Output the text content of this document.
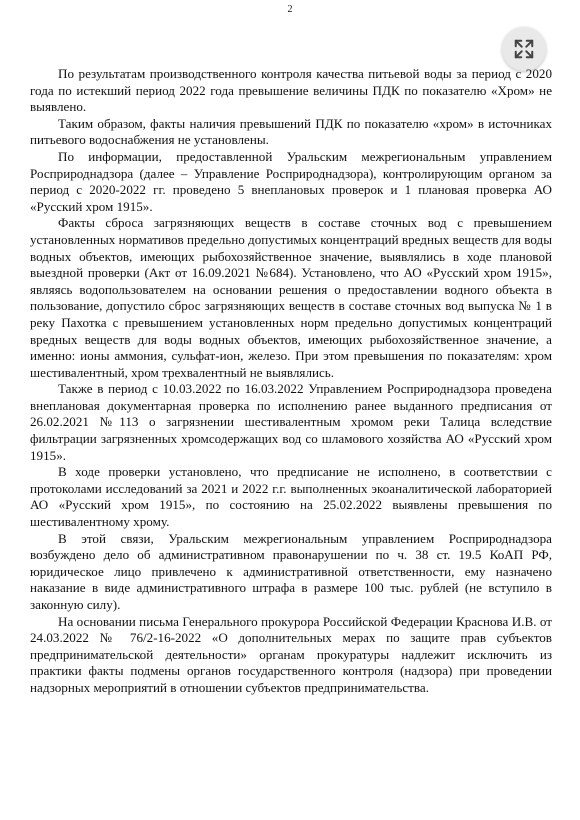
2

По результатам производственного контроля качества питьевой воды за период с 2020 года по истекший период 2022 года превышение величины ПДК по показателю «Хром» не выявлено.

Таким образом, факты наличия превышений ПДК по показателю «хром» в источниках питьевого водоснабжения не установлены.

По информации, предоставленной Уральским межрегиональным управлением Росприроднадзора (далее – Управление Росприроднадзора), контролирующим органом за период с 2020-2022 гг. проведено 5 внеплановых проверок и 1 плановая проверка АО «Русский хром 1915».

Факты сброса загрязняющих веществ в составе сточных вод с превышением установленных нормативов предельно допустимых концентраций вредных веществ для воды водных объектов, имеющих рыбохозяйственное значение, выявлялись в ходе плановой выездной проверки (Акт от 16.09.2021 №684). Установлено, что АО «Русский хром 1915», являясь водопользователем на основании решения о предоставлении водного объекта в пользование, допустило сброс загрязняющих веществ в составе сточных вод выпуска № 1 в реку Пахотка с превышением установленных норм предельно допустимых концентраций вредных веществ для воды водных объектов, имеющих рыбохозяйственное значение, а именно: ионы аммония, сульфат-ион, железо. При этом превышения по показателям: хром шестивалентный, хром трехвалентный не выявлялись.

Также в период с 10.03.2022 по 16.03.2022 Управлением Росприроднадзора проведена внеплановая документарная проверка по исполнению ранее выданного предписания от 26.02.2021 №113 о загрязнении шестивалентным хромом реки Талица вследствие фильтрации загрязненных хромсодержащих вод со шламового хозяйства АО «Русский хром 1915».

В ходе проверки установлено, что предписание не исполнено, в соответствии с протоколами исследований за 2021 и 2022 г.г. выполненных экоаналитической лабораторией АО «Русский хром 1915», по состоянию на 25.02.2022 выявлены превышения по шестивалентному хрому.

В этой связи, Уральским межрегиональным управлением Росприроднадзора возбуждено дело об административном правонарушении по ч. 38 ст. 19.5 КоАП РФ, юридическое лицо привлечено к административной ответственности, ему назначено наказание в виде административного штрафа в размере 100 тыс. рублей (не вступило в законную силу).

На основании письма Генерального прокурора Российской Федерации Краснова И.В. от 24.03.2022 № 76/2-16-2022 «О дополнительных мерах по защите прав субъектов предпринимательской деятельности» органам прокуратуры надлежит исключить из практики факты подмены органов государственного контроля (надзора) при проведении надзорных мероприятий в отношении субъектов предпринимательства.
